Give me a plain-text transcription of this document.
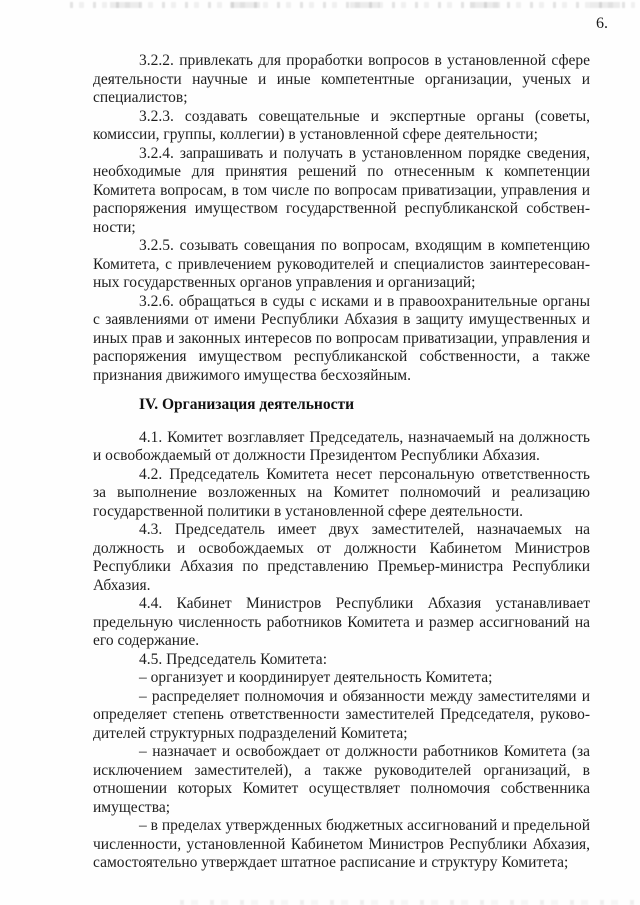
6.

3.2.2. привлекать для проработки вопросов в установленной сфере деятельности научные и иные компетентные организации, ученых и специалистов;

3.2.3. создавать совещательные и экспертные органы (советы, комиссии, группы, коллегии) в установленной сфере деятельности;

3.2.4. запрашивать и получать в установленном порядке сведения, необходимые для принятия решений по отнесенным к компетенции Комитета вопросам, в том числе по вопросам приватизации, управления и распоряжения имуществом государственной республиканской собственности;

3.2.5. созывать совещания по вопросам, входящим в компетенцию Комитета, с привлечением руководителей и специалистов заинтересованных государственных органов управления и организаций;

3.2.6. обращаться в суды с исками и в правоохранительные органы с заявлениями от имени Республики Абхазия в защиту имущественных и иных прав и законных интересов по вопросам приватизации, управления и распоряжения имуществом республиканской собственности, а также признания движимого имущества бесхозяйным.

IV. Организация деятельности

4.1. Комитет возглавляет Председатель, назначаемый на должность и освобождаемый от должности Президентом Республики Абхазия.

4.2. Председатель Комитета несет персональную ответственность за выполнение возложенных на Комитет полномочий и реализацию государственной политики в установленной сфере деятельности.

4.3. Председатель имеет двух заместителей, назначаемых на должность и освобождаемых от должности Кабинетом Министров Республики Абхазия по представлению Премьер-министра Республики Абхазия.

4.4. Кабинет Министров Республики Абхазия устанавливает предельную численность работников Комитета и размер ассигнований на его содержание.

4.5. Председатель Комитета:

– организует и координирует деятельность Комитета;

– распределяет полномочия и обязанности между заместителями и определяет степень ответственности заместителей Председателя, руководителей структурных подразделений Комитета;

– назначает и освобождает от должности работников Комитета (за исключением заместителей), а также руководителей организаций, в отношении которых Комитет осуществляет полномочия собственника имущества;

– в пределах утвержденных бюджетных ассигнований и предельной численности, установленной Кабинетом Министров Республики Абхазия, самостоятельно утверждает штатное расписание и структуру Комитета;
